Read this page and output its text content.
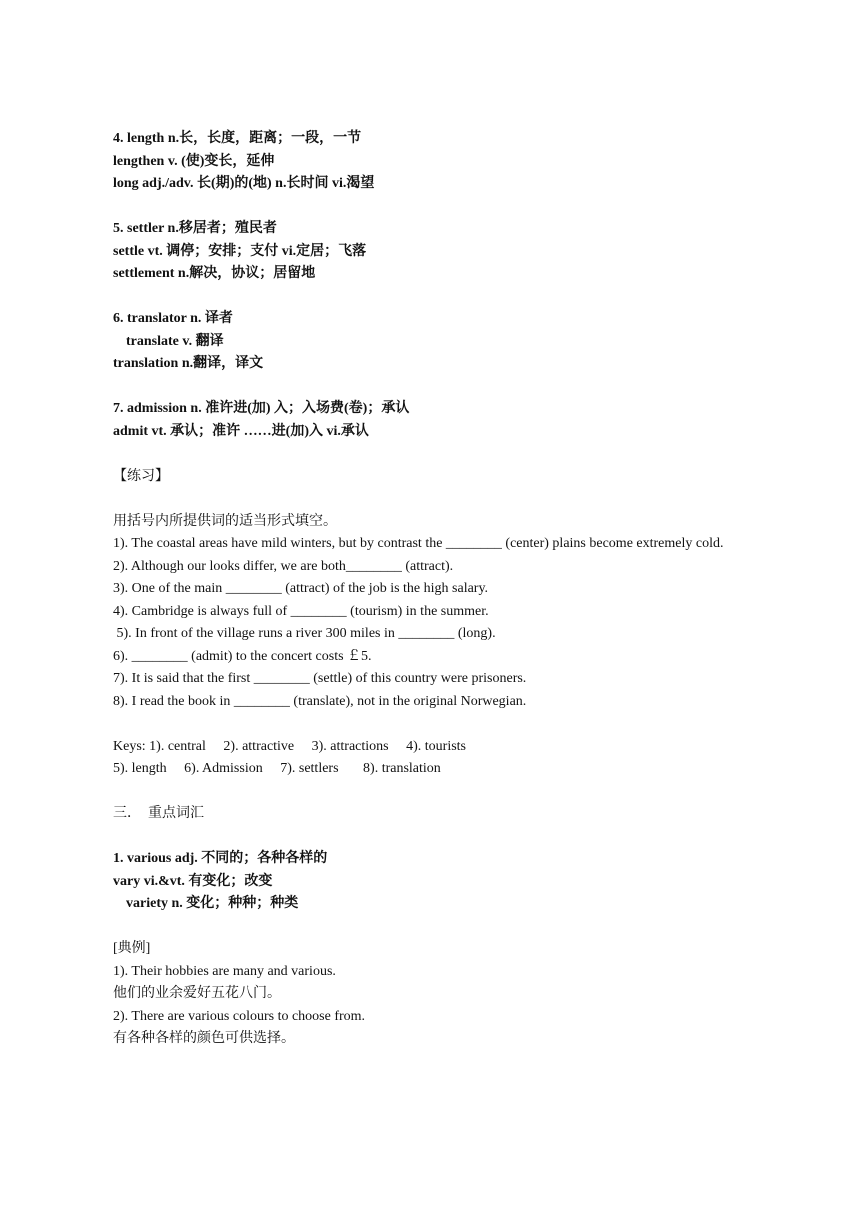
4. length n.长，长度，距离；一段，一节
lengthen v. (使)变长，延伸
long adj./adv. 长(期)的(地) n.长时间 vi.渴望
5. settler n.移居者；殖民者
settle vt. 调停；安排；支付 vi.定居；飞落
settlement n.解决，协议；居留地
6. translator n. 译者
translate v. 翻译
translation n.翻译，译文
7. admission n. 准许进(加) 入；入场费(卷)；承认
admit vt. 承认；准许 ……进(加)入 vi.承认
【练习】
用括号内所提供词的适当形式填空。
1). The coastal areas have mild winters, but by contrast the ________ (center) plains become extremely cold.
2). Although our looks differ, we are both________ (attract).
3). One of the main ________ (attract) of the job is the high salary.
4). Cambridge is always full of ________ (tourism) in the summer.
5). In front of the village runs a river 300 miles in ________ (long).
6). ________ (admit) to the concert costs ￡5.
7). It is said that the first ________ (settle) of this country were prisoners.
8). I read the book in ________ (translate), not in the original Norwegian.
Keys: 1). central     2). attractive     3). attractions     4). tourists
5). length     6). Admission     7). settlers       8). translation
三．  重点词汇
1. various adj. 不同的；各种各样的
vary vi.&vt. 有变化；改变
variety n. 变化；种种；种类
[典例]
1). Their hobbies are many and various.
他们的业余爱好五花八门。
2). There are various colours to choose from.
有各种各样的颜色可供选择。
